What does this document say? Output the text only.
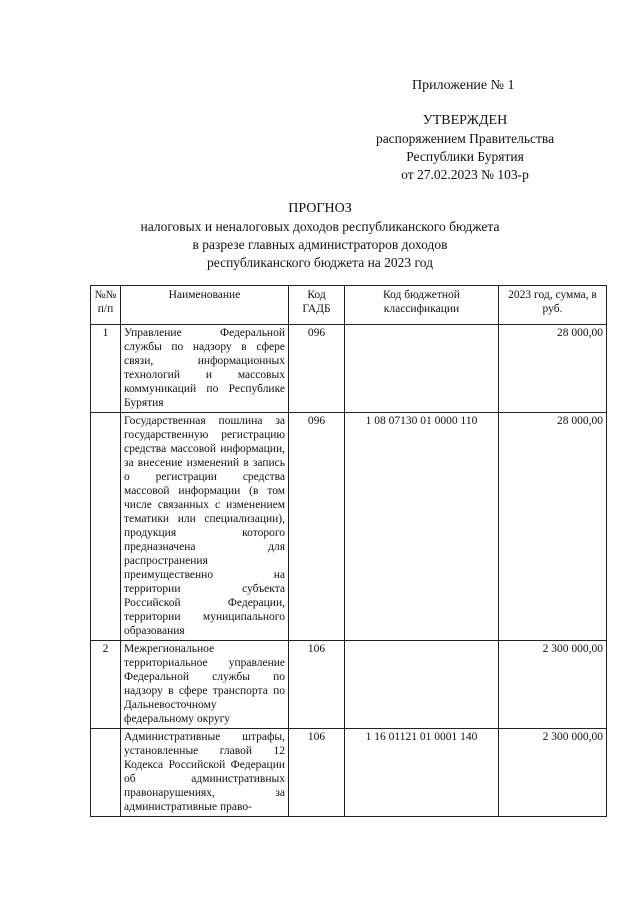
Приложение № 1
УТВЕРЖДЕН
распоряжением Правительства
Республики Бурятия
от 27.02.2023 № 103-р
ПРОГНОЗ
налоговых и неналоговых доходов республиканского бюджета
в разрезе главных администраторов доходов
республиканского бюджета на 2023 год
№№ п/п	Наименование	Код ГАДБ	Код бюджетной классификации	2023 год, сумма, в руб.
1	Управление Федеральной службы по надзору в сфере связи, информационных технологий и массовых коммуникаций по Республике Бурятия	096		28 000,00
	Государственная пошлина за государственную регистрацию средства массовой информации, за внесение изменений в запись о регистрации средства массовой информации (в том числе связанных с изменением тематики или специализации), продукция которого предназначена для распространения преимущественно на территории субъекта Российской Федерации, территории муниципального образования	096	1 08 07130 01 0000 110	28 000,00
2	Межрегиональное территориальное управление Федеральной службы по надзору в сфере транспорта по Дальневосточному федеральному округу	106		2 300 000,00
	Административные штрафы, установленные главой 12 Кодекса Российской Федерации об административных правонарушениях, за административные право-	106	1 16 01121 01 0001 140	2 300 000,00
